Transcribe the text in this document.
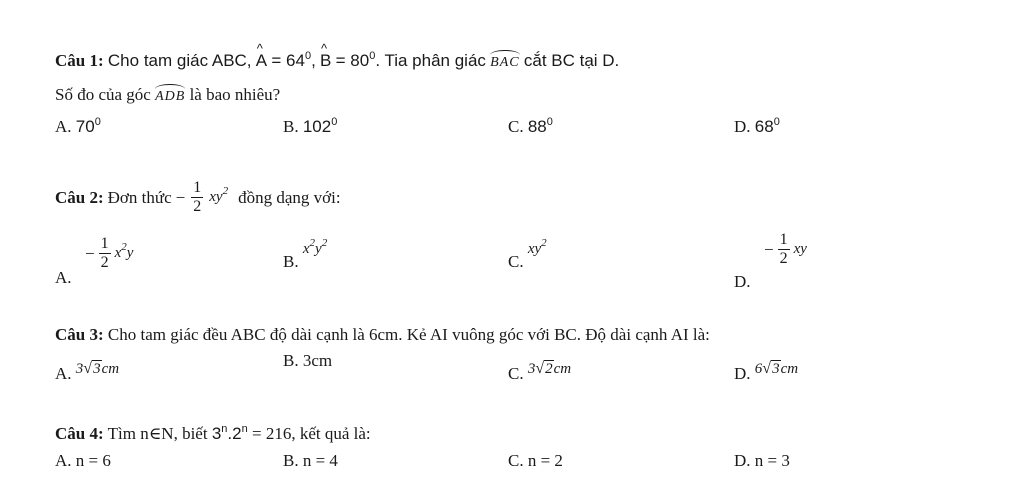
Câu 1: Cho tam giác ABC, ^ $A = 64^0$, ^ $B = 80^0$. Tia phân giác BAC cắt BC tại D.
Số đo của góc ADB là bao nhiêu?
A. $70^0$	B. $102^0$	C. $88^0$	D. $68^0$
Câu 2: Đơn thức − $\frac{1}{2} xy^2$ đồng dạng với:
A.
− $\frac{1}{2} x^2y$	B. $x^2y^2$
C. $xy^2$
D.
− $\frac{1}{2}$ xy
Câu 3: Cho tam giác đều ABC độ dài cạnh là 6cm. Kẻ AI vuông góc với BC. Độ dài cạnh AI là:
A. 3√3cm	B. 3cm
C. 3√2cm	D. 6√3cm
Câu 4: Tìm n∈N, biết $3^n.2^n = 216$, kết quả là:
A. n = 6	B. n = 4	C. n = 2	D. n = 3
